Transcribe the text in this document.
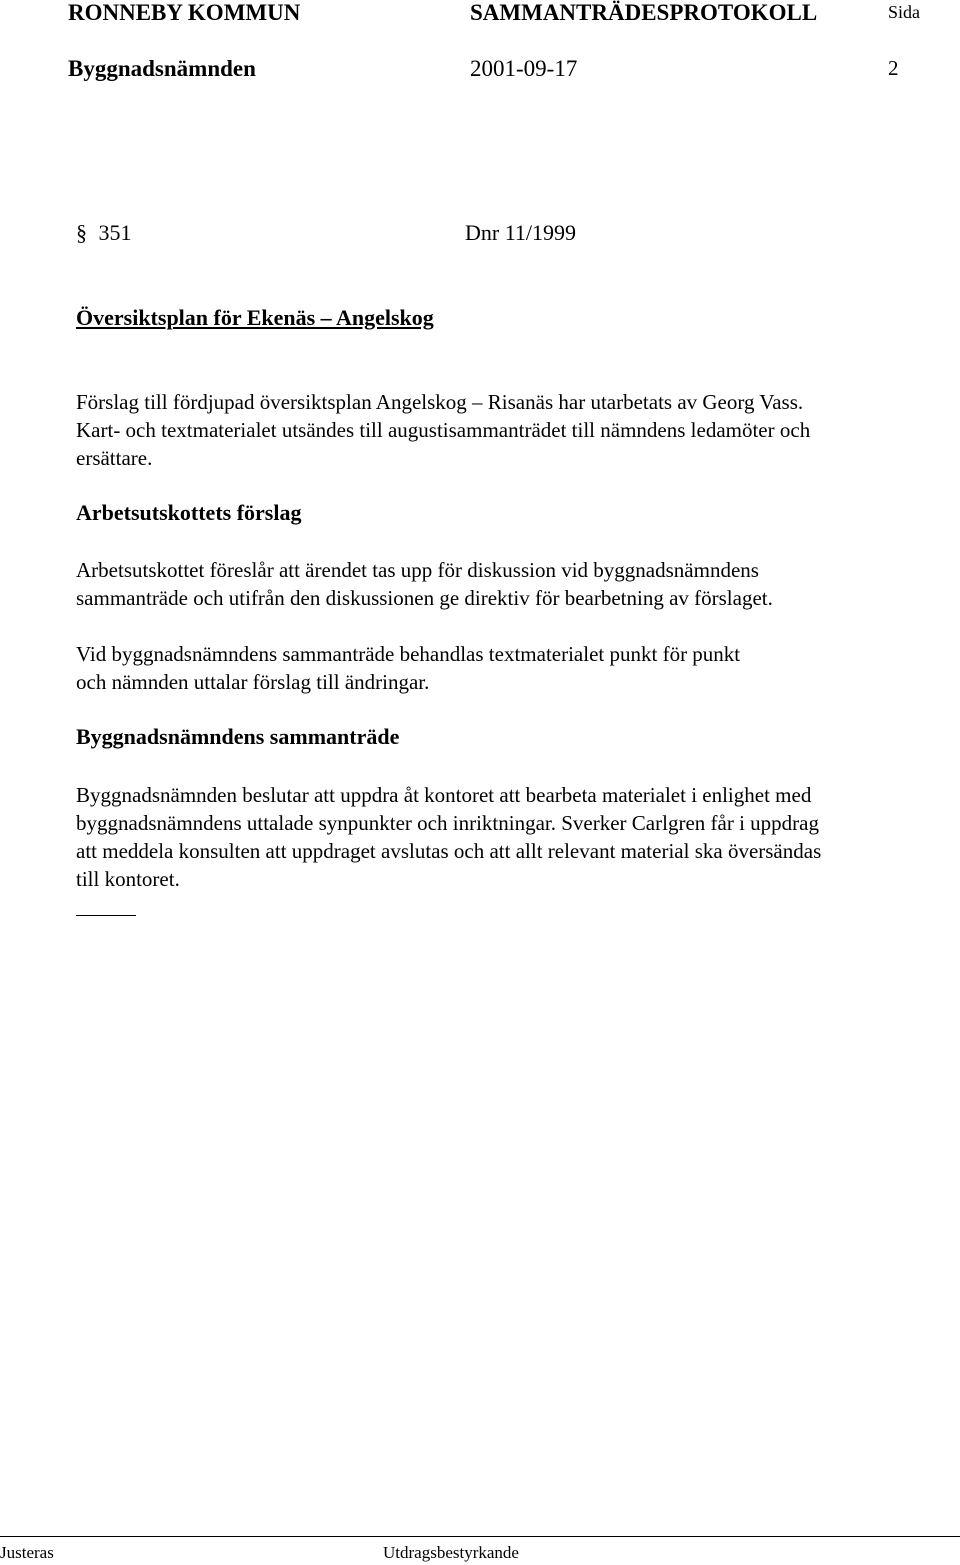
RONNEBY KOMMUN	SAMMANTRÄDESPROTOKOLL	Sida
Byggnadsnämnden	2001-09-17	2
§ 351	Dnr 11/1999
Översiktsplan för Ekenäs – Angelskog
Förslag till fördjupad översiktsplan Angelskog – Risanäs har utarbetats av Georg Vass.
Kart- och textmaterialet utsändes till augustisammanträdet till nämndens ledamöter och
ersättare.
Arbetsutskottets förslag
Arbetsutskottet föreslår att ärendet tas upp för diskussion vid byggnadsnämndens
sammanträde och utifrån den diskussionen ge direktiv för bearbetning av förslaget.
Vid byggnadsnämndens sammanträde behandlas textmaterialet punkt för punkt
och nämnden uttalar förslag till ändringar.
Byggnadsnämndens sammanträde
Byggnadsnämnden beslutar att uppdra åt kontoret att bearbeta materialet i enlighet med
byggnadsnämndens uttalade synpunkter och inriktningar. Sverker Carlgren får i uppdrag
att meddela konsulten att uppdraget avslutas och att allt relevant material ska översändas
till kontoret.
Justeras	Utdragsbestyrkande
